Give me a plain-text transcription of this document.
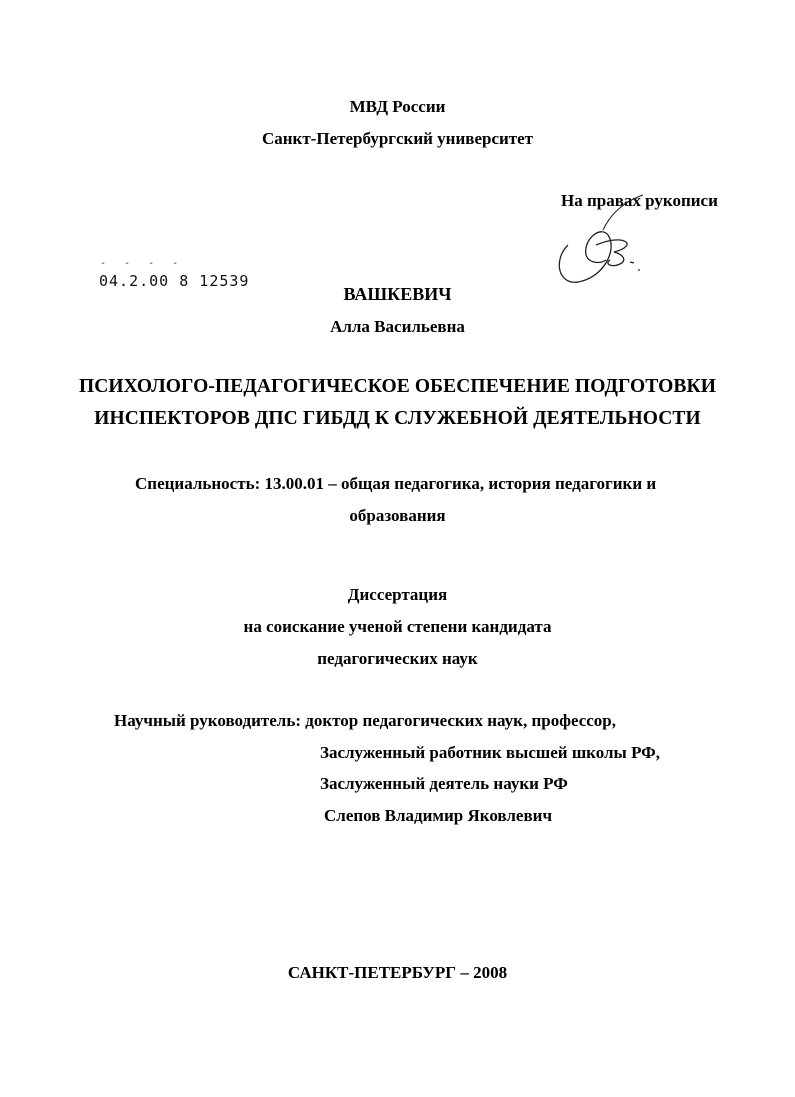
МВД России
Санкт-Петербургский университет
На правах рукописи
- - - -
04.2.00 8 12539
ВАШКЕВИЧ
Алла Васильевна
ПСИХОЛОГО-ПЕДАГОГИЧЕСКОЕ ОБЕСПЕЧЕНИЕ ПОДГОТОВКИ
ИНСПЕКТОРОВ ДПС ГИБДД К СЛУЖЕБНОЙ ДЕЯТЕЛЬНОСТИ
Специальность: 13.00.01 – общая педагогика, история педагогики и
образования
Диссертация
на соискание ученой степени кандидата
педагогических наук
Научный руководитель: доктор педагогических наук, профессор,
Заслуженный работник высшей школы РФ,
Заслуженный деятель науки РФ
Слепов Владимир Яковлевич
САНКТ-ПЕТЕРБУРГ – 2008
